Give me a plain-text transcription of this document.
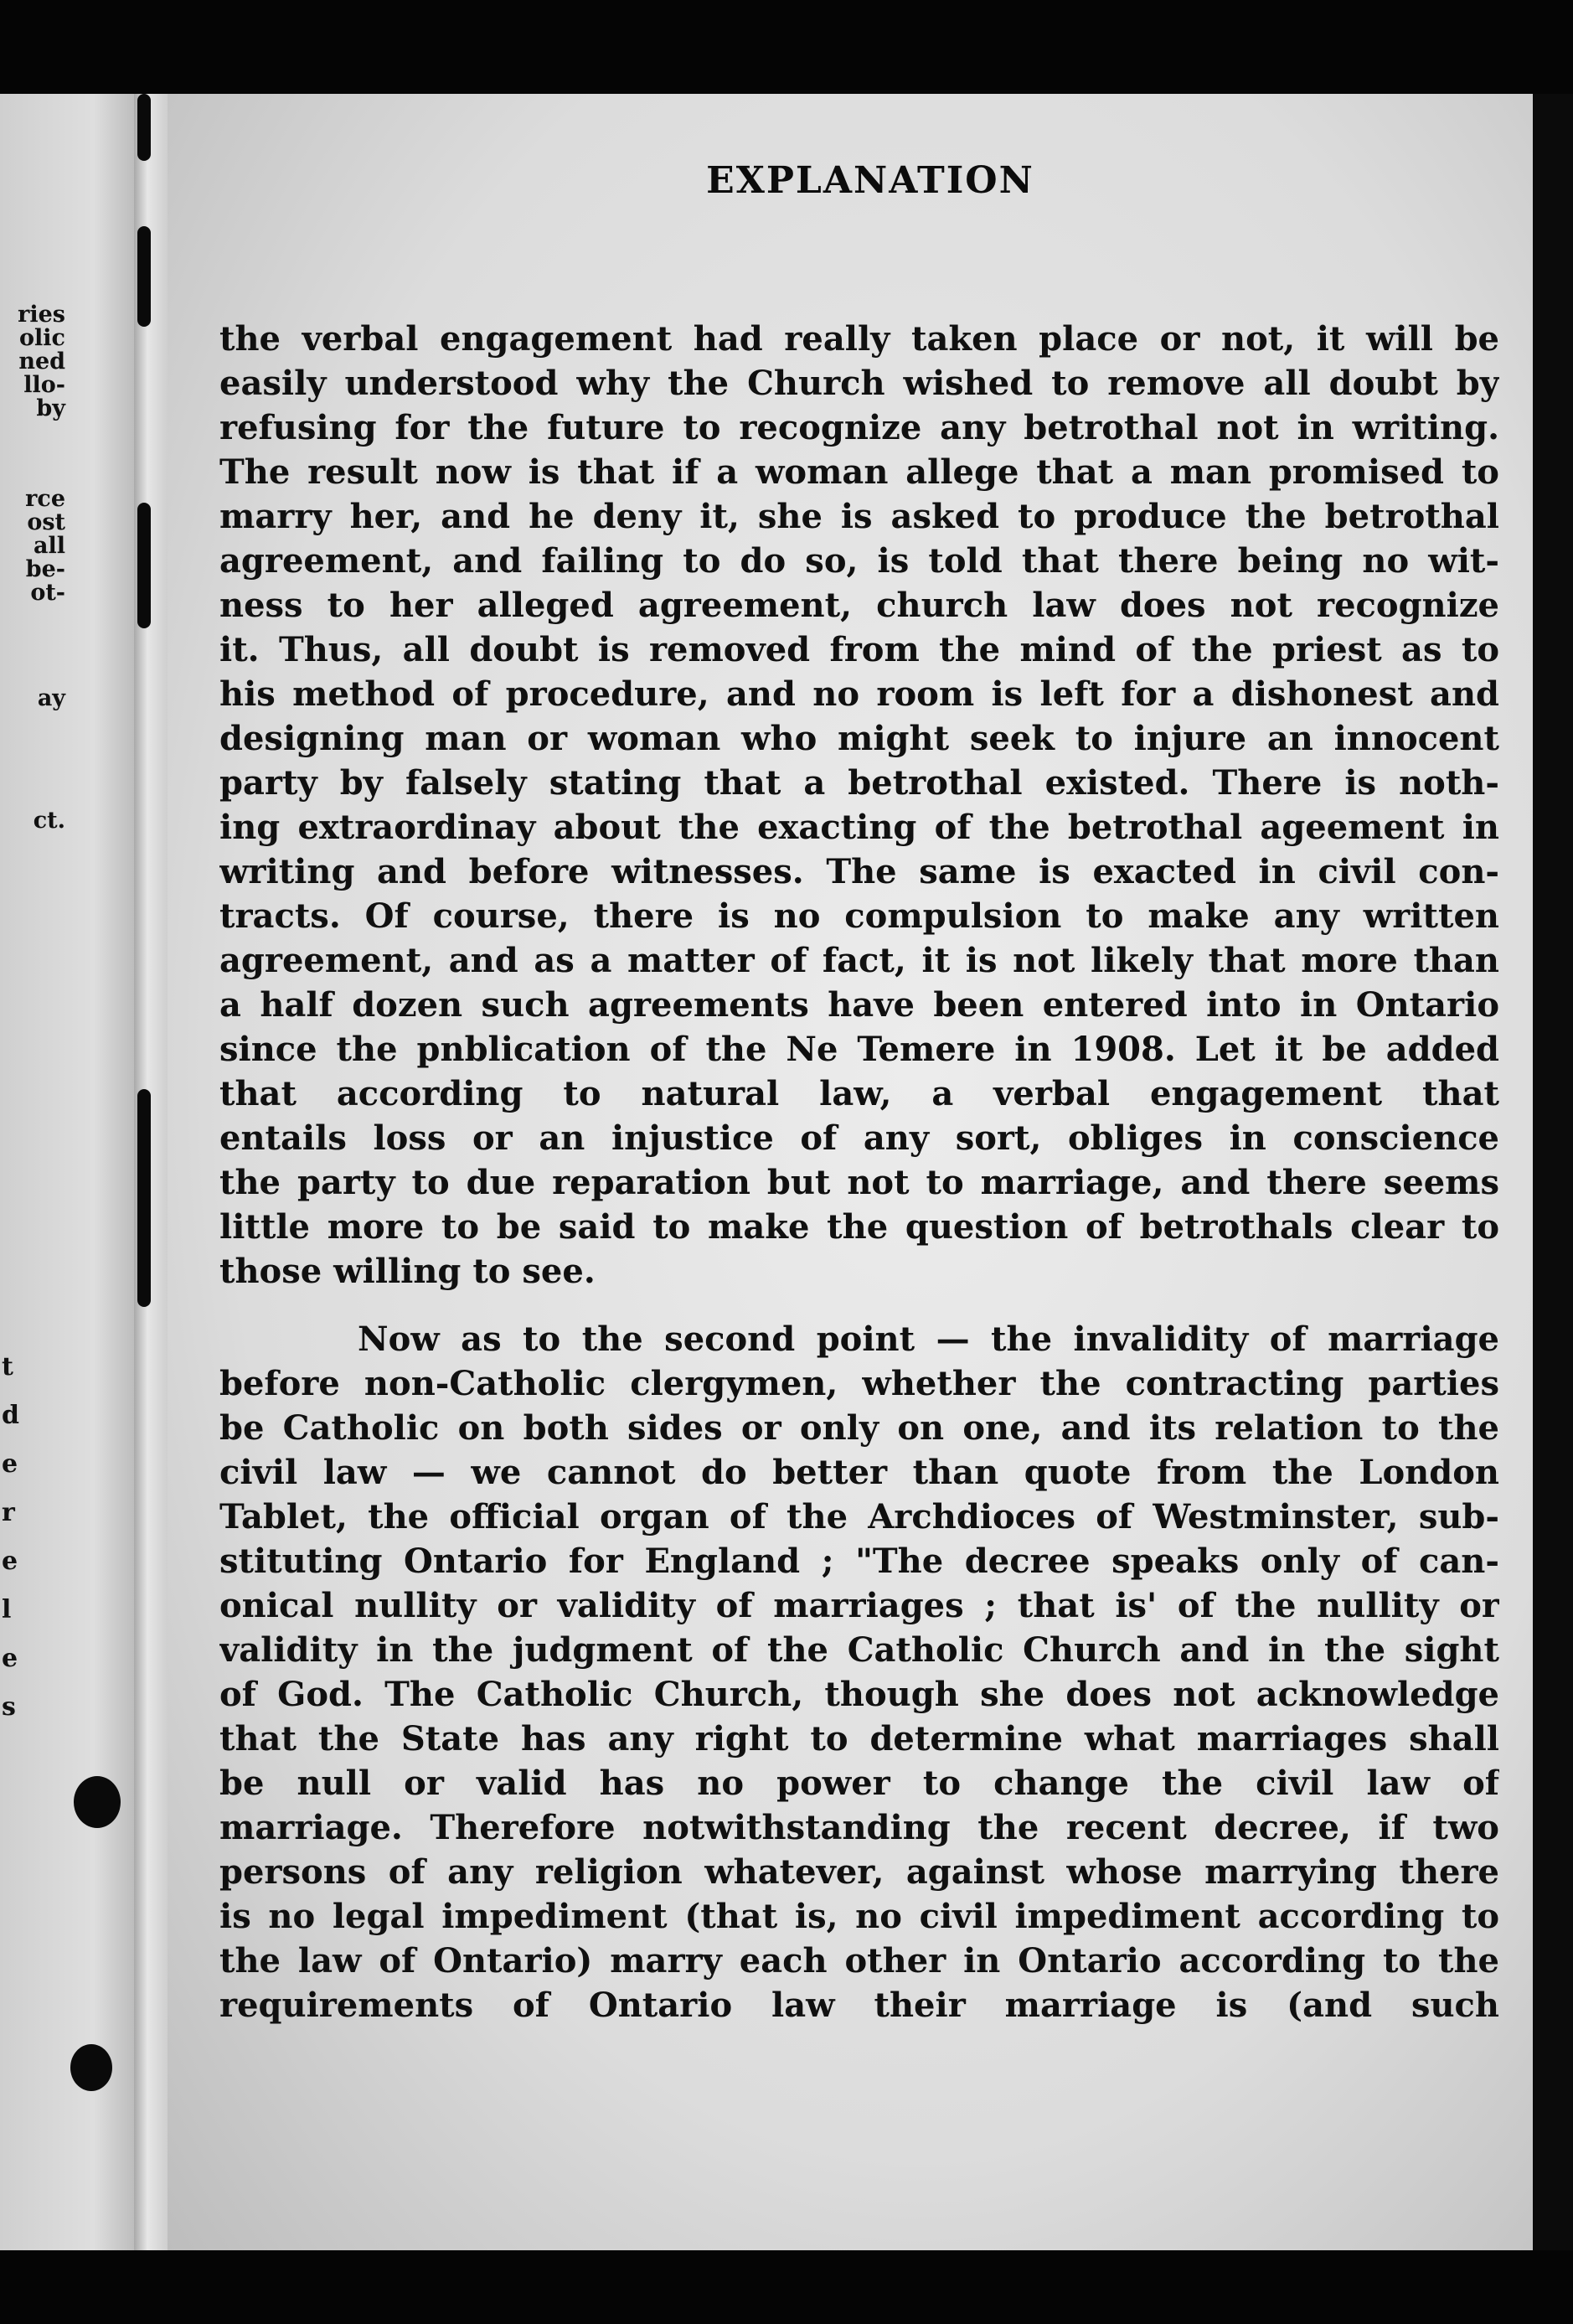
ries
olic
ned
llo-
by
rce
ost
all
be-
ot-
ay
ct.
t
d
e
r
e
l
e
s
EXPLANATION
the verbal engagement had really taken place or not, it will be
easily understood why the Church wished to remove all doubt by
refusing for the future to recognize any betrothal not in writing.
The result now is that if a woman allege that a man promised to
marry her, and he deny it, she is asked to produce the betrothal
agreement, and failing to do so, is told that there being no wit-
ness to her alleged agreement, church law does not recognize
it. Thus, all doubt is removed from the mind of the priest as to
his method of procedure, and no room is left for a dishonest and
designing man or woman who might seek to injure an innocent
party by falsely stating that a betrothal existed. There is noth-
ing extraordinay about the exacting of the betrothal ageement in
writing and before witnesses. The same is exacted in civil con-
tracts. Of course, there is no compulsion to make any written
agreement, and as a matter of fact, it is not likely that more than
a half dozen such agreements have been entered into in Ontario
since the pnblication of the Ne Temere in 1908. Let it be added
that according to natural law, a verbal engagement that
entails loss or an injustice of any sort, obliges in conscience
the party to due reparation but not to marriage, and there seems
little more to be said to make the question of betrothals clear to
those willing to see.
Now as to the second point — the invalidity of marriage
before non-Catholic clergymen, whether the contracting parties
be Catholic on both sides or only on one, and its relation to the
civil law — we cannot do better than quote from the London
Tablet, the official organ of the Archdioces of Westminster, sub-
stituting Ontario for England ; "The decree speaks only of can-
onical nullity or validity of marriages ; that is' of the nullity or
validity in the judgment of the Catholic Church and in the sight
of God. The Catholic Church, though she does not acknowledge
that the State has any right to determine what marriages shall
be null or valid has no power to change the civil law of
marriage. Therefore notwithstanding the recent decree, if two
persons of any religion whatever, against whose marrying there
is no legal impediment (that is, no civil impediment according to
the law of Ontario) marry each other in Ontario according to the
requirements of Ontario law their marriage is (and such
